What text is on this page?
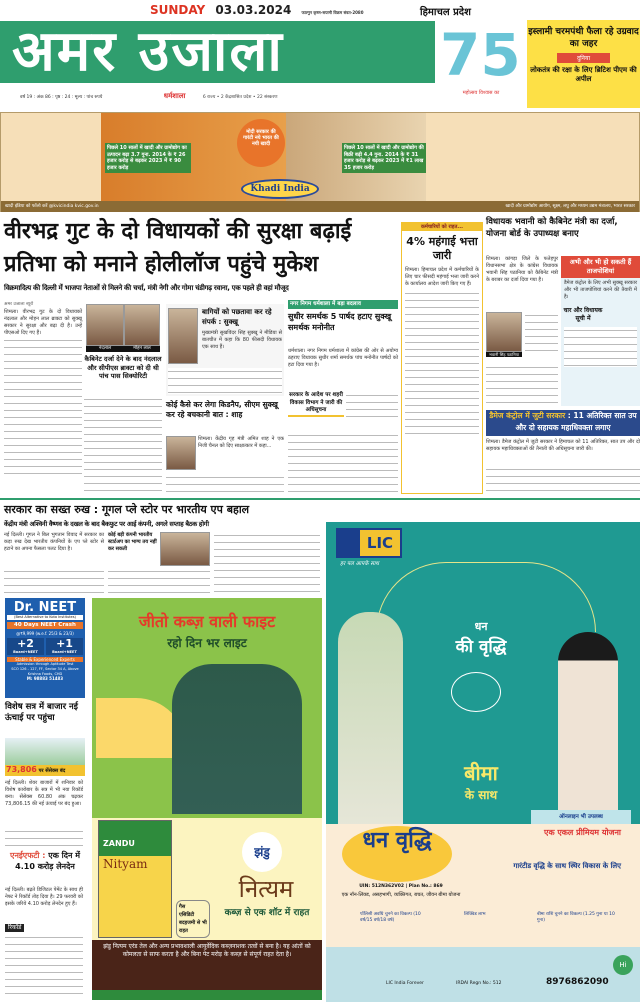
SUNDAY 03.03.2024	फाल्गुन कृष्ण-सप्तमी विक्रम संवत-2080	हिमाचल प्रदेश
अमर उजाला	75
महोत्सव विश्वास का
वर्ष 19 : अंक 86 : पृष्ठ : 24 : मूल्य : पांच रुपये	धर्मशाला	6 राज्य • 2 केंद्रशासित प्रदेश • 22 संस्करण
इस्लामी चरमपंथी फैला रहे उग्रवाद का जहर
दुनिया
लोकतंत्र की रक्षा के लिए ब्रिटिश पीएम की अपील
पिछले 10 सालों में खादी और ग्रामोद्योग का उत्पादन बढ़ा 3.7 गुना. 2014 के ₹ 26 हजार करोड़ से बढ़कर 2023 में ₹ 90 हजार करोड़
मोदी सरकार की गारंटी नये भारत की नयी खादी
पिछले 10 सालों में खादी और ग्रामोद्योग की बिक्री बढ़ी 4.4 गुना. 2014 के ₹ 31 हजार करोड़ से बढ़कर 2023 में ₹1 लाख 35 हजार करोड़
Khadi India
खादी इंडिया को फॉलो करें @kvicindia kvic.gov.in	खादी और ग्रामोद्योग आयोग, सूक्ष्म, लघु और मध्यम उद्यम मंत्रालय, भारत सरकार
वीरभद्र गुट के दो विधायकों की सुरक्षा बढ़ाई
प्रतिभा को मनाने होलीलॉज पहुंचे मुकेश
विक्रमादित्य की दिल्ली में भाजपा नेताओं से मिलने की चर्चा, मंत्री नेगी और गोमा चंडीगढ़ रवाना, एक पहले ही वहां मौजूद
अमर उजाला ब्यूरो
शिमला। वीरभद्र गुट के दो विधायकों नंदलाल और मोहन लाल ब्राक्टा को सुक्खू सरकार ने सुरक्षा और बढ़ा दी है। उन्हें पीएसओ दिए गए हैं।
नंदलाल	मोहन लाल
कैबिनेट दर्जा देने के बाद नंदलाल और सीपीएस ब्राक्टा को दी थी पांच पास सिक्योरिटी
बागियों को पछतावा कर रहे संपर्क : सुक्खू
मुख्यमंत्री सुखविंदर सिंह सुक्खू ने मीडिया से बातचीत में कहा कि 80 फीसदी विधायक एक साथ हैं।
कोई कैसे कर लेगा किडनैप, सीएम सुक्खू कर रहे बचकानी बात : शाह
शिमला। केंद्रीय गृह मंत्री अमित शाह ने एक निजी चैनल को दिए साक्षात्कार में कहा...
नगर निगम धर्मशाला में बड़ा बदलाव
सुधीर समर्थक 5 पार्षद हटाए सुक्खू समर्थक मनोनीत
धर्मशाला। नगर निगम धर्मशाला में कांग्रेस की ओर से अयोग्य ठहराए विधायक सुधीर शर्मा समर्थक पांच मनोनीत पार्षदों को हटा दिया गया है।
सरकार के आदेश पर शहरी विकास विभाग ने जारी की अधिसूचना
कर्मचारियों को राहत...
4% महंगाई भत्ता जारी
शिमला। हिमाचल प्रदेश में कर्मचारियों के लिए चार फीसदी महंगाई भत्ता जारी करने के कार्यालय आदेश जारी किए गए हैं।
विधायक भवानी को कैबिनेट मंत्री का दर्जा, योजना बोर्ड के उपाध्यक्ष बनाए
शिमला। कांगड़ा जिले के फतेहपुर विधानसभा क्षेत्र के कांग्रेस विधायक भवानी सिंह पठानिया को कैबिनेट मंत्री के बराबर का दर्जा दिया गया है।
भवानी सिंह पठानिया
अभी और भी हो सकती हैं ताजपोशियां
डैमेज कंट्रोल के लिए अभी सुक्खू सरकार और भी ताजपोशियां करने की तैयारी में है।
चार और विधायक सूची में
डैमेज कंट्रोल में जुटी सरकार : 11 अतिरिक्त सात उप और दो सहायक महाधिवक्ता लगाए
शिमला। डैमेज कंट्रोल में जुटी सरकार ने हिमाचल को 11 अतिरिक्त, सात उप और दो सहायक महाधिवक्ताओं की तैनाती की अधिसूचना जारी की।
सरकार का सख्त रुख : गूगल प्ले स्टोर पर भारतीय एप बहाल
केंद्रीय मंत्री अश्विनी वैष्णव के दखल के बाद बैकफुट पर आई कंपनी, अगले सप्ताह बैठक होगी
नई दिल्ली। गूगल ने बिल भुगतान विवाद में सरकार का कड़ा रुख देख भारतीय कंपनियों के एप प्ले स्टोर से हटाने का अपना फैसला पलट दिया है।
कोई बड़ी कंपनी भारतीय स्टार्टअप का भाग्य तय नहीं कर सकती
Dr. NEET
(Best Alternative to Kota Institutes)
40 Days NEET Crash
@₹9,999 (w.e.f. 25/3 & 23/3)
+2
Board+NEET
+1
Board+NEET
Stable & Experienced Experts
Admission through Aptitude Test
SCO 126 - 127, FF, Sector 34 A, Above Krishna Foods, CHD
M: 98883 51483
विशेष सत्र में बाजार नई ऊंचाई पर पहुंचा
73,806 पर सेंसेक्स बंद
नई दिल्ली। शेयर बाजारों में शनिवार को विशेष कारोबार के सत्र में भी नया रिकॉर्ड बना। सेंसेक्स 60.80 अंक चढ़कर 73,806.15 की नई ऊंचाई पर बंद हुआ।
एनईएफटी : एक दिन में 4.10 करोड़ लेनदेन
नई दिल्ली। बढ़ते डिजिटल पेमेंट के साथ ही नेफ्ट ने रिकॉर्ड तोड़ दिया है। 29 फरवरी को इसके जरिये 4.10 करोड़ लेनदेन हुए हैं।
रिकॉर्ड
जीतो कब्ज़ वाली फाइट
रहो दिन भर लाइट
ZANDU
Nityam
गैस
एसिडिटी
बदहजमी से भी राहत
झंडु
नित्यम
कब्ज़ से एक शॉट में राहत
झंडु नित्यम एरंड तेल और अन्य प्रभावशाली आयुर्वेदिक कब्ज़नाशक तत्वों से बना है। यह आंतों को कोमलता से साफ करता है और बिना पेट मरोड़ के कब्ज़ से संपूर्ण राहत देता है।
LIC
हर पल आपके साथ
धन
की वृद्धि
बीमा
के साथ
ऑनलाइन भी उपलब्ध
धन वृद्धि
UIN: 512N362V02 | Plan No.: 869
एक नॉन-लिंक्ड, असहभागी, व्यक्तिगत, बचत, जीवन बीमा योजना
एक एकल प्रीमियम योजना
गारंटीड वृद्धि के साथ स्थिर विकास के लिए
पॉलिसी अवधि चुनने का विकल्प (10 वर्ष/15 वर्ष/18 वर्ष)
लिक्विड लाभ	बीमा राशि चुनने का विकल्प (1.25 गुना या 10 गुना)
LIC India Forever	IRDAI Regn No.: 512	8976862090
Hi
